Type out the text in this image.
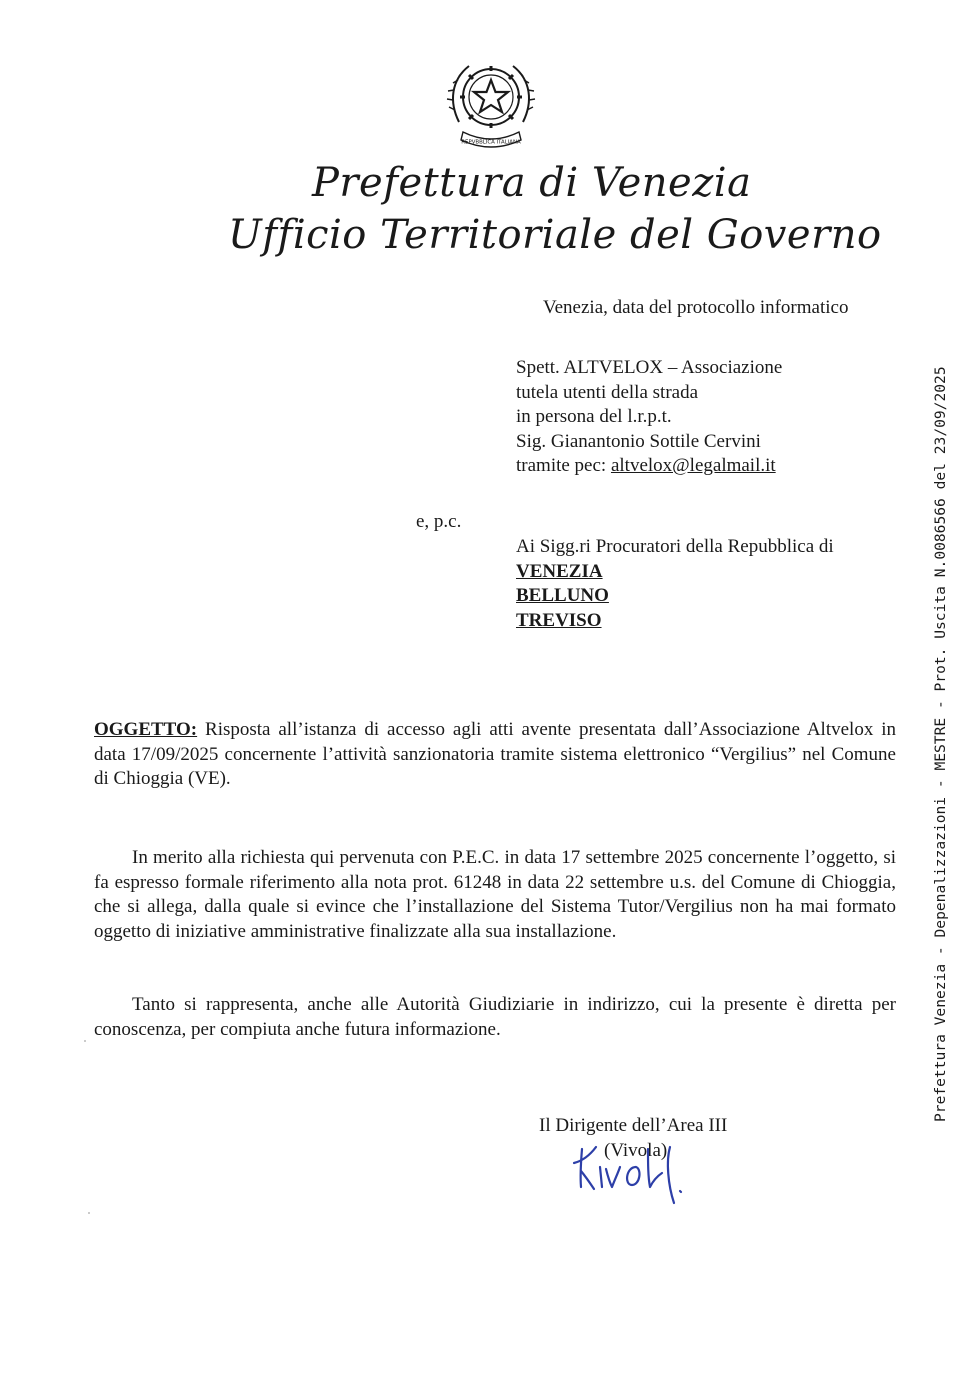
REPVBBLICA ITALIANA
Prefettura di Venezia
Ufficio Territoriale del Governo
Venezia, data del protocollo informatico
Spett. ALTVELOX – Associazione
tutela utenti della strada
in persona del l.r.p.t.
Sig. Gianantonio Sottile Cervini
tramite pec: altvelox@legalmail.it
e, p.c.
Ai Sigg.ri Procuratori della Repubblica di
VENEZIA
BELLUNO
TREVISO
OGGETTO: Risposta all’istanza di accesso agli atti avente presentata dall’Associazione Altvelox in data 17/09/2025 concernente l’attività sanzionatoria tramite sistema elettronico “Vergilius” nel Comune di Chioggia (VE).
In merito alla richiesta qui pervenuta con P.E.C. in data 17 settembre 2025 concernente l’oggetto, si fa espresso formale riferimento alla nota prot. 61248 in data 22 settembre u.s. del Comune di Chioggia, che si allega, dalla quale si evince che l’installazione del Sistema Tutor/Vergilius non ha mai formato oggetto di iniziative amministrative finalizzate alla sua installazione.
Tanto si rappresenta, anche alle Autorità Giudiziarie in indirizzo, cui la presente è diretta per conoscenza, per compiuta anche futura informazione.
Il Dirigente dell’Area III
(Vivola)
Prefettura Venezia - Depenalizzazioni - MESTRE - Prot. Uscita N.0086566 del 23/09/2025
